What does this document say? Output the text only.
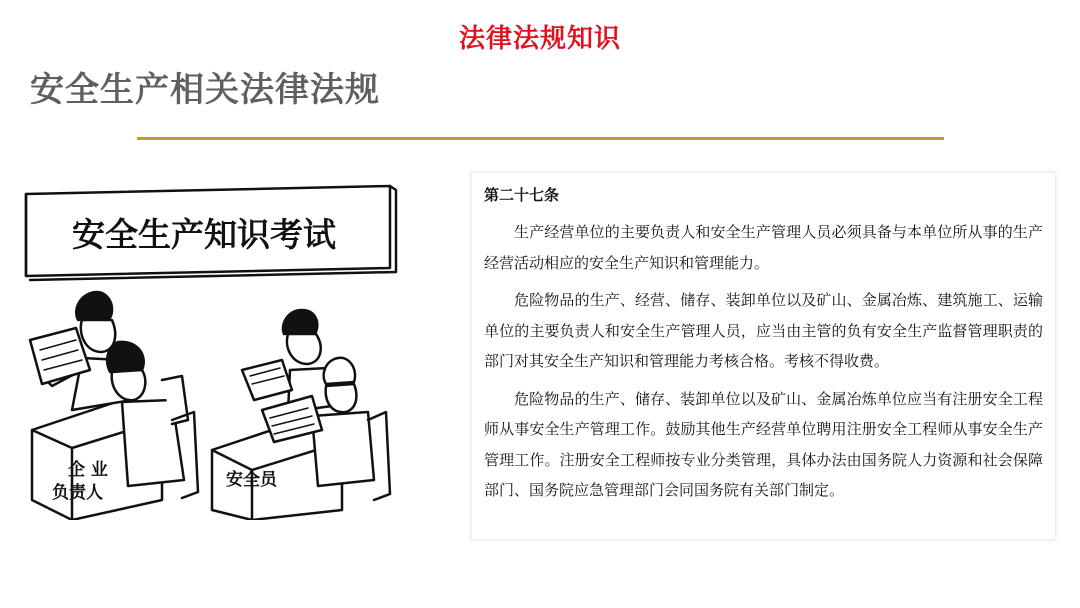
法律法规知识
安全生产相关法律法规
安全生产知识考试
企 业
负责人
安全员
第二十七条

生产经营单位的主要负责人和安全生产管理人员必须具备与本单位所从事的生产经营活动相应的安全生产知识和管理能力。

危险物品的生产、经营、储存、装卸单位以及矿山、金属冶炼、建筑施工、运输单位的主要负责人和安全生产管理人员，应当由主管的负有安全生产监督管理职责的部门对其安全生产知识和管理能力考核合格。考核不得收费。

危险物品的生产、储存、装卸单位以及矿山、金属冶炼单位应当有注册安全工程师从事安全生产管理工作。鼓励其他生产经营单位聘用注册安全工程师从事安全生产管理工作。注册安全工程师按专业分类管理，具体办法由国务院人力资源和社会保障部门、国务院应急管理部门会同国务院有关部门制定。
